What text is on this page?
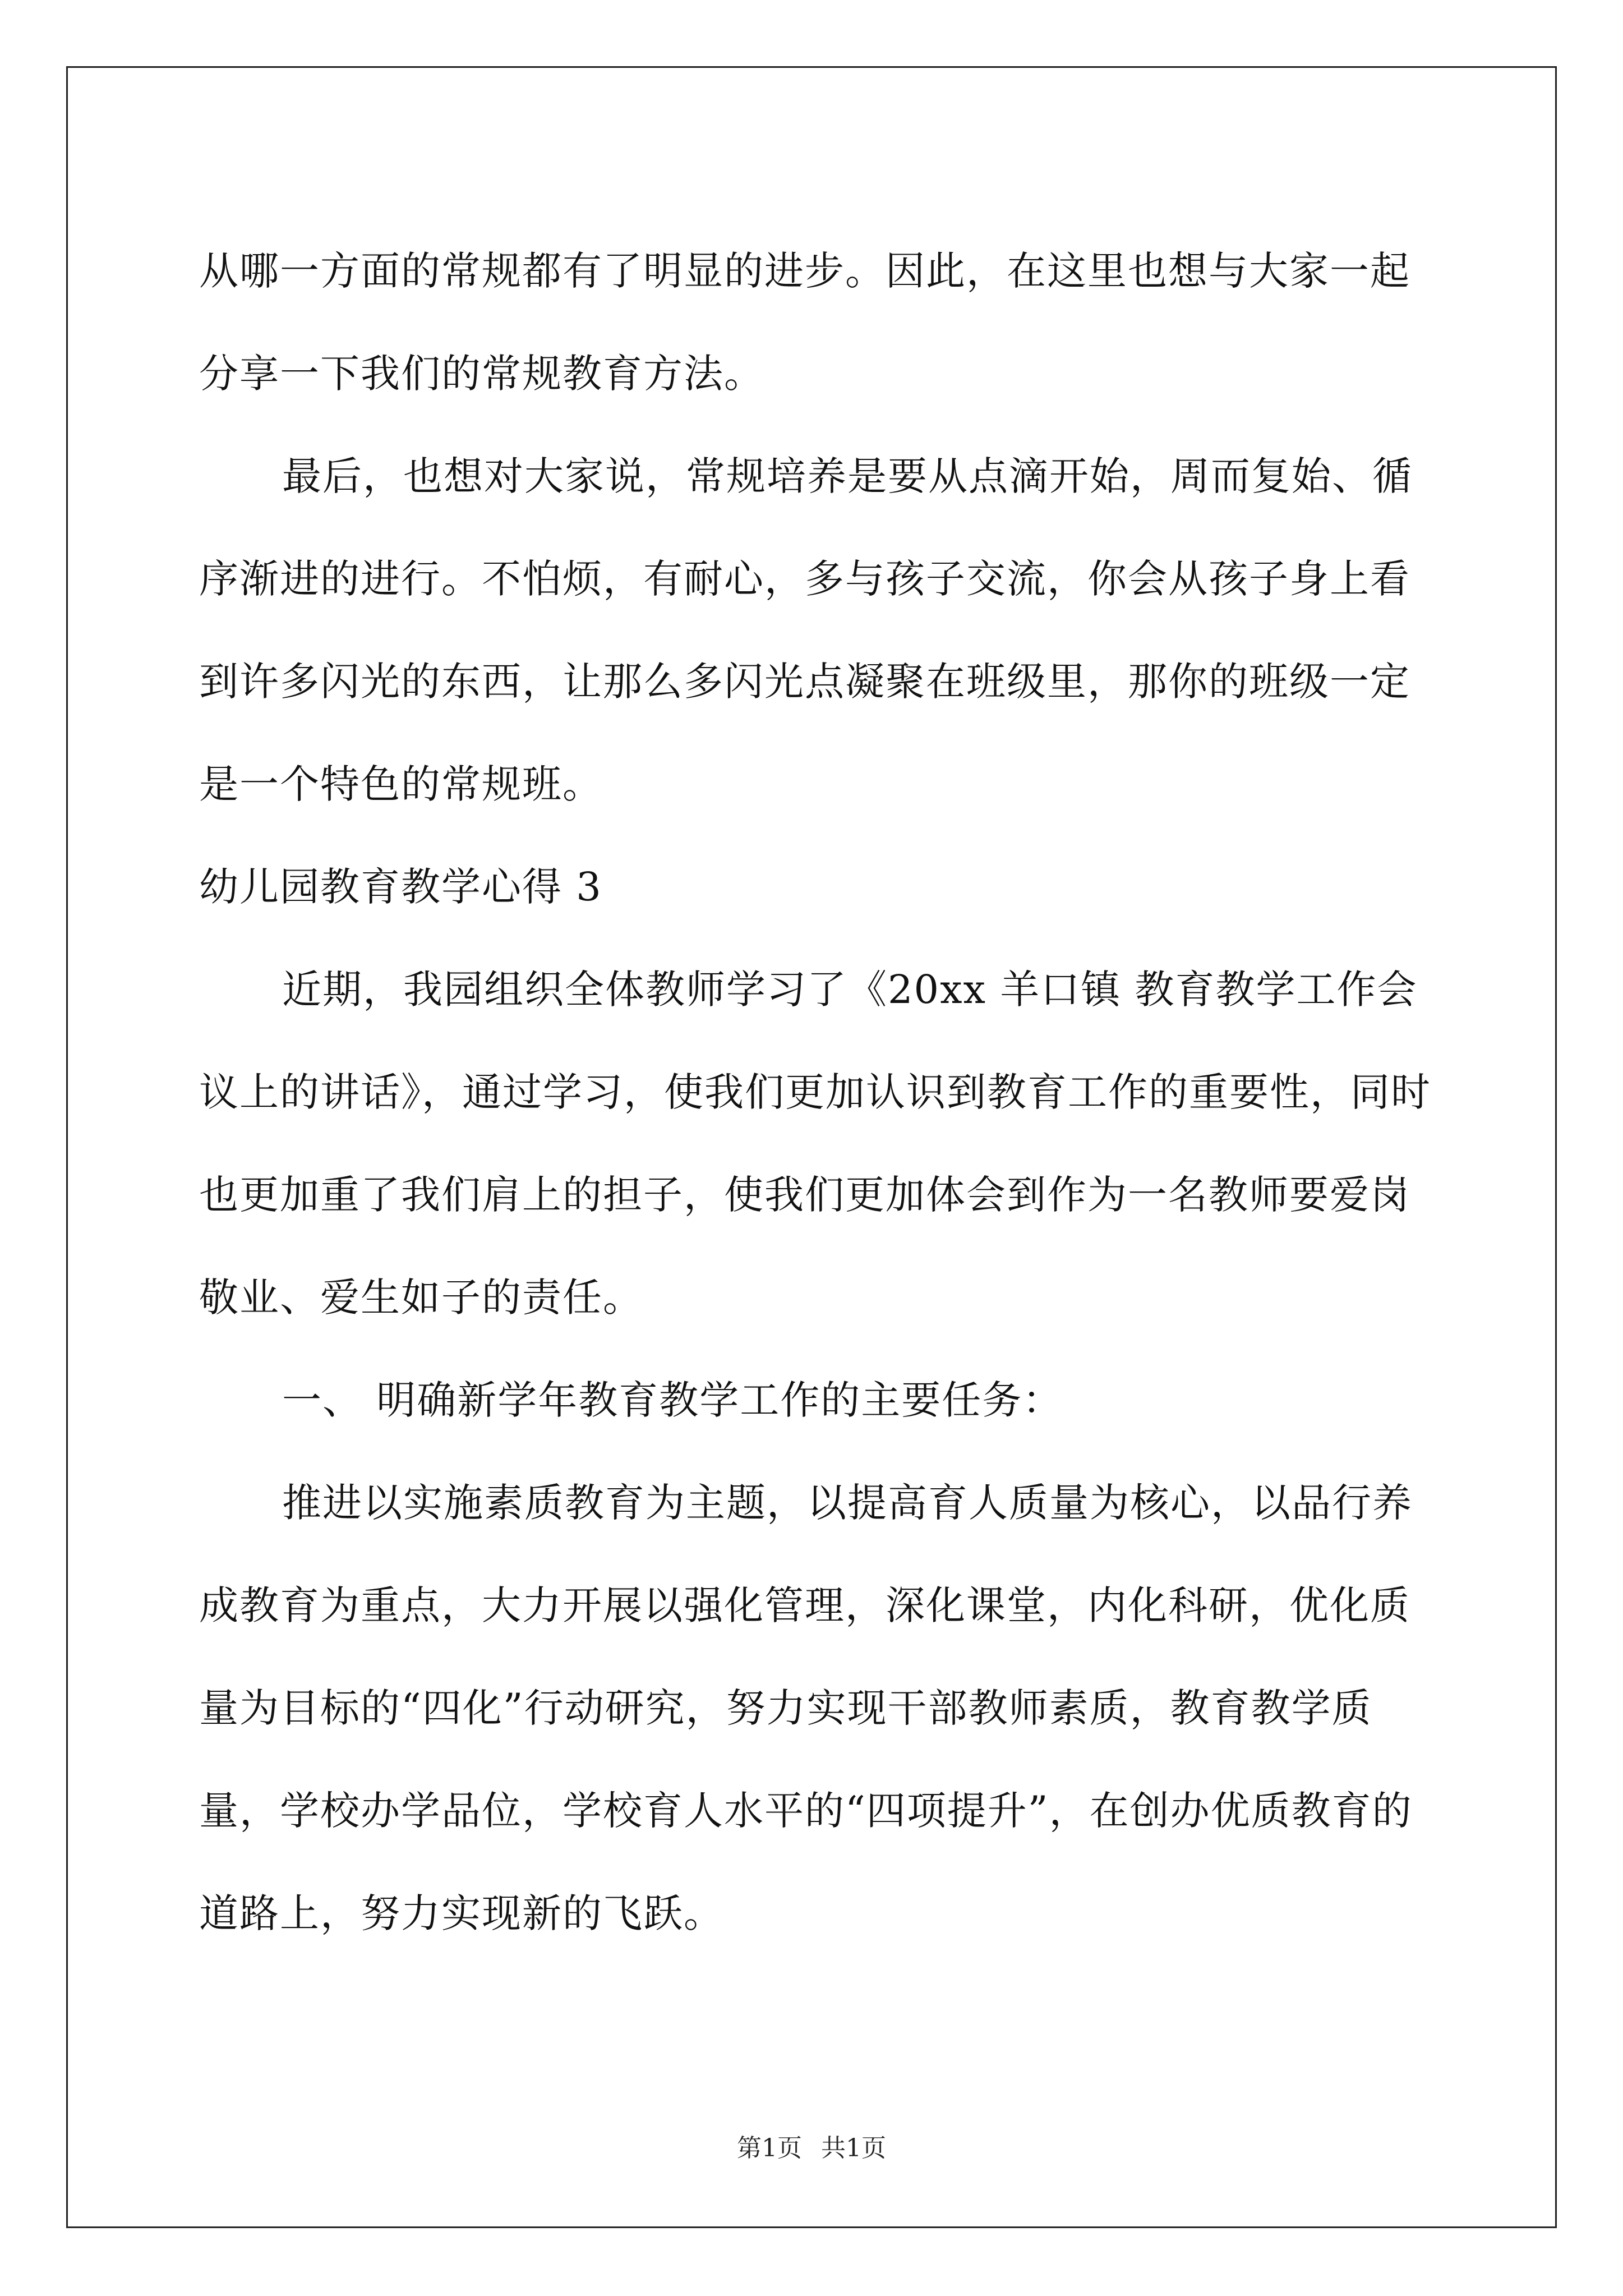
从哪一方面的常规都有了明显的进步。因此，在这里也想与大家一起
分享一下我们的常规教育方法。
最后，也想对大家说，常规培养是要从点滴开始，周而复始、循
序渐进的进行。不怕烦，有耐心，多与孩子交流，你会从孩子身上看
到许多闪光的东西，让那么多闪光点凝聚在班级里，那你的班级一定
是一个特色的常规班。
幼儿园教育教学心得 3
近期，我园组织全体教师学习了《20xx 羊口镇 教育教学工作会
议上的讲话》，通过学习，使我们更加认识到教育工作的重要性，同时
也更加重了我们肩上的担子，使我们更加体会到作为一名教师要爱岗
敬业、爱生如子的责任。
一、 明确新学年教育教学工作的主要任务：
推进以实施素质教育为主题，以提高育人质量为核心，以品行养
成教育为重点，大力开展以强化管理，深化课堂，内化科研，优化质
量为目标的“四化”行动研究，努力实现干部教师素质，教育教学质
量，学校办学品位，学校育人水平的“四项提升”，在创办优质教育的
道路上，努力实现新的飞跃。
第1页 共1页
